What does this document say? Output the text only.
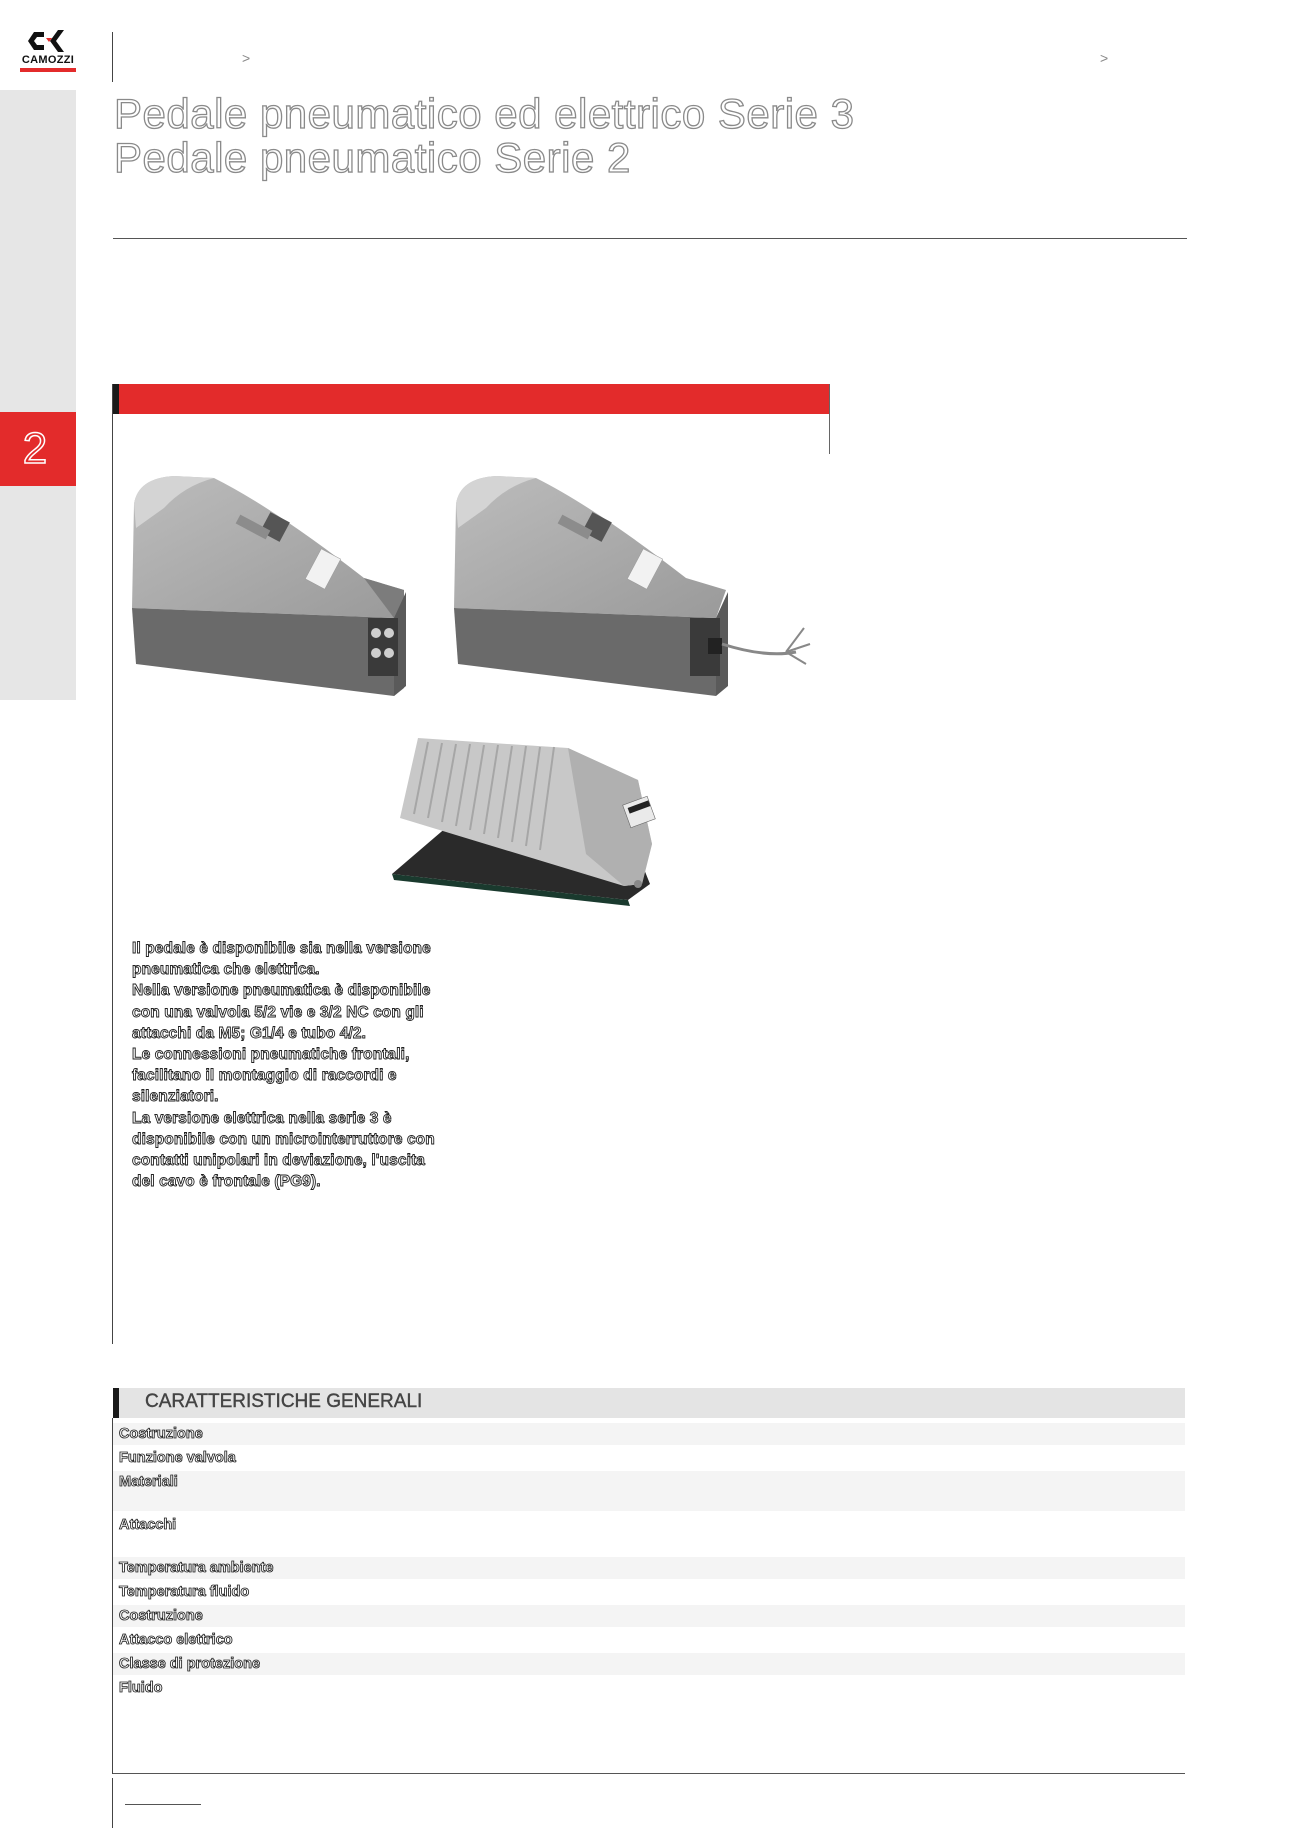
CAMOZZI	>	>
2
Pedale pneumatico ed elettrico Serie 3
Pedale pneumatico Serie 2
Il pedale è disponibile sia nella versione
pneumatica che elettrica.
Nella versione pneumatica è disponibile
con una valvola 5/2 vie e 3/2 NC con gli
attacchi da M5; G1/4 e tubo 4/2.
Le connessioni pneumatiche frontali,
facilitano il montaggio di raccordi e
silenziatori.
La versione elettrica nella serie 3 è
disponibile con un microinterruttore con
contatti unipolari in deviazione, l'uscita
del cavo è frontale (PG9).
CARATTERISTICHE GENERALI
Costruzione
Funzione valvola
Materiali
Attacchi
Temperatura ambiente
Temperatura fluido
Costruzione
Attacco elettrico
Classe di protezione
Fluido
